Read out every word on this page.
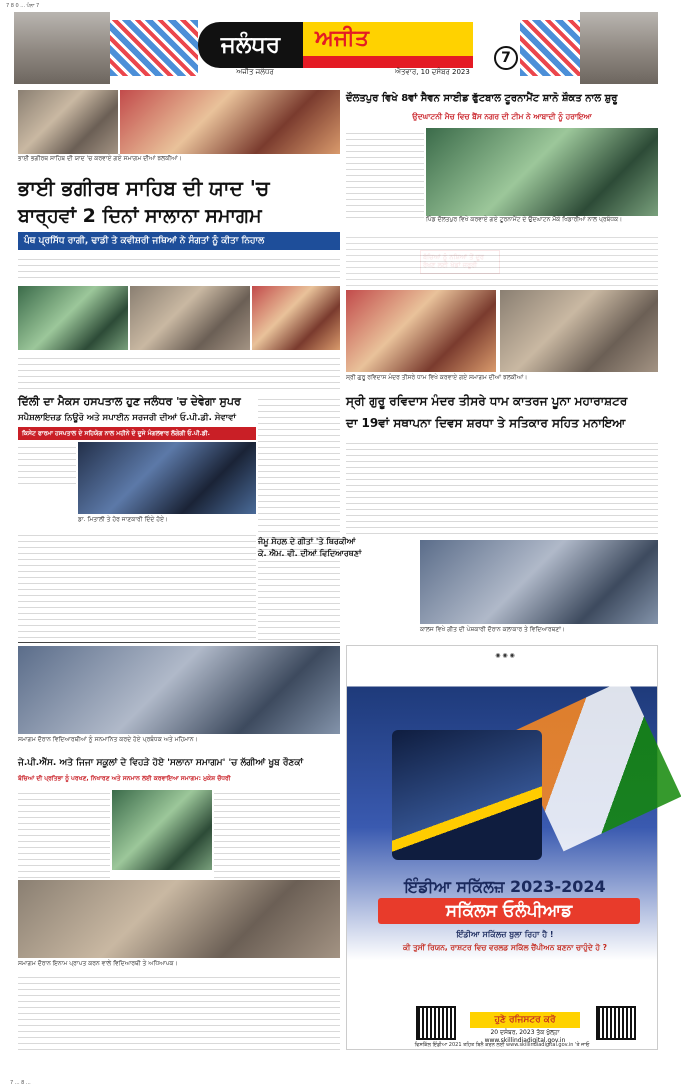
7 8 0 ... ਪੰਨਾ 7
ਜਲੰਧਰ	ਅਜੀਤ
ਅਜੀਤ ਜਲੰਧਰ	ਐਤਵਾਰ, 10 ਦਸੰਬਰ 2023
7
ਭਾਈ ਭਗੀਰਥ ਸਾਹਿਬ ਦੀ ਯਾਦ 'ਚ ਕਰਵਾਏ ਗਏ ਸਮਾਗਮ ਦੀਆਂ ਝਲਕੀਆਂ।
ਭਾਈ ਭਗੀਰਥ ਸਾਹਿਬ ਦੀ ਯਾਦ 'ਚ
ਬਾਰ੍ਹਵਾਂ 2 ਦਿਨਾਂ ਸਾਲਾਨਾ ਸਮਾਗਮ
ਪੰਥ ਪ੍ਰਸਿੱਧ ਰਾਗੀ, ਢਾਡੀ ਤੇ ਕਵੀਸ਼ਰੀ ਜਥਿਆਂ ਨੇ ਸੰਗਤਾਂ ਨੂੰ ਕੀਤਾ ਨਿਹਾਲ
ਦਿੱਲੀ ਦਾ ਮੈਕਸ ਹਸਪਤਾਲ ਹੁਣ ਜਲੰਧਰ 'ਚ ਦੇਵੇਗਾ ਸੁਪਰ
ਸਪੈਸ਼ਲਾਇਜ਼ਡ ਨਿਊਰੋ ਅਤੇ ਸਪਾਈਨ ਸਰਜਰੀ ਦੀਆਂ ਓ.ਪੀ.ਡੀ. ਸੇਵਾਵਾਂ
ਕਿਸੇਟ ਫਾਰਮਾ ਹਸਪਤਾਲ ਦੇ ਸਹਿਯੋਗ ਨਾਲ ਮਹੀਨੇ ਦੇ ਦੂਜੇ ਮੰਗਲਵਾਰ ਲੱਗੇਗੀ ਓ.ਪੀ.ਡੀ.
ਡਾ. ਮਿਤਾਲੀ ਤੇ ਹੋਰ ਜਾਣਕਾਰੀ ਦਿੰਦੇ ਹੋਏ।
ਦੌਲਤਪੁਰ ਵਿਖੇ 8ਵਾਂ ਸੈਵਨ ਸਾਈਡ ਫੁੱਟਬਾਲ ਟੂਰਨਾਮੈਂਟ ਸ਼ਾਨੋ ਸ਼ੌਕਤ ਨਾਲ ਸ਼ੁਰੂ
ਉਦਘਾਟਨੀ ਮੈਚ ਵਿਚ ਬੈਂਸ ਨਗਰ ਦੀ ਟੀਮ ਨੇ ਆਬਾਦੀ ਨੂੰ ਹਰਾਇਆ
ਪਿੰਡ ਦੌਲਤਪੁਰ ਵਿਖੇ ਕਰਵਾਏ ਗਏ ਟੂਰਨਾਮੈਂਟ ਦੇ ਉਦਘਾਟਨ ਮੌਕੇ ਖਿਡਾਰੀਆਂ ਨਾਲ ਪ੍ਰਬੰਧਕ।
ਸ੍ਰੀ ਗੁਰੂ ਰਵਿਦਾਸ ਮੰਦਰ ਤੀਸਰੇ ਧਾਮ ਵਿਖੇ ਕਰਵਾਏ ਗਏ ਸਮਾਗਮ ਦੀਆਂ ਝਲਕੀਆਂ।
ਸ੍ਰੀ ਗੁਰੂ ਰਵਿਦਾਸ ਮੰਦਰ ਤੀਸਰੇ ਧਾਮ ਕਾਤਰਜ ਪੂਨਾ ਮਹਾਰਾਸ਼ਟਰ
ਦਾ 19ਵਾਂ ਸਥਾਪਨਾ ਦਿਵਸ ਸ਼ਰਧਾ ਤੇ ਸਤਿਕਾਰ ਸਹਿਤ ਮਨਾਇਆ
ਜੰਮੂ ਸੋਹਲ ਦੇ ਗੀਤਾਂ 'ਤੇ ਥਿਰਕੀਆਂ
ਕੇ. ਐਮ. ਵੀ. ਦੀਆਂ ਵਿਦਿਆਰਥਣਾਂ
ਕਾਲਜ ਵਿਖੇ ਗੀਤ ਦੀ ਪੇਸ਼ਕਾਰੀ ਦੌਰਾਨ ਕਲਾਕਾਰ ਤੇ ਵਿਦਿਆਰਥਣਾਂ।
ਸਮਾਗਮ ਦੌਰਾਨ ਵਿਦਿਆਰਥੀਆਂ ਨੂੰ ਸਨਮਾਨਿਤ ਕਰਦੇ ਹੋਏ ਪ੍ਰਬੰਧਕ ਅਤੇ ਮਹਿਮਾਨ।
ਜੇ.ਪੀ.ਐੱਸ. ਅਤੇ ਜਿਜਾ ਸਕੂਲਾਂ ਦੇ ਵਿਹੜੇ ਹੋਏ 'ਸਲਾਨਾ ਸਮਾਗਮ' 'ਚ ਲੱਗੀਆਂ ਖੂਬ ਰੌਣਕਾਂ
ਬੱਚਿਆਂ ਦੀ ਪ੍ਰਤਿਭਾ ਨੂੰ ਪਰਖਣ, ਨਿਖਾਰਣ ਅਤੇ ਸਨਮਾਨ ਲਈ ਕਰਵਾਇਆ ਸਮਾਗਮ: ਮੁਕੇਸ਼ ਚੌਧਰੀ
ਸਮਾਗਮ ਦੌਰਾਨ ਇਨਾਮ ਪ੍ਰਾਪਤ ਕਰਨ ਵਾਲੇ ਵਿਦਿਆਰਥੀ ਤੇ ਅਧਿਆਪਕ।
◉ ◉ ◉
ਇੰਡੀਆ ਸਕਿੱਲਜ਼ 2023-2024
ਸਕਿੱਲਸ ਓਲੰਪੀਆਡ
ਇੰਡੀਆ ਸਕਿੱਲਜ਼ ਬੁਲਾ ਰਿਹਾ ਹੈ !
ਕੀ ਤੁਸੀਂ ਰਿਯਨ, ਰਾਸ਼ਟਰ ਵਿਚ ਵਰਲਡ ਸਕਿੱਲ ਚੈਂਪੀਅਨ ਬਣਨਾ ਚਾਹੁੰਦੇ ਹੋ ?
ਹੁਣੇ ਰਜਿਸਟਰ ਕਰੋ
20 ਦਸੰਬਰ, 2023 ਤੱਕ ਖੁੱਲ੍ਹਾ www.skillindiadigital.gov.in
ਵਿਸਕਿੱਲ ਇੰਡੀਆ 2021 ਤਹਿਤ ਬਿਨੈ ਕਰਨ ਲਈ www.skillindiadigital.gov.in 'ਤੇ ਜਾਓ
7 ... 8 ...
